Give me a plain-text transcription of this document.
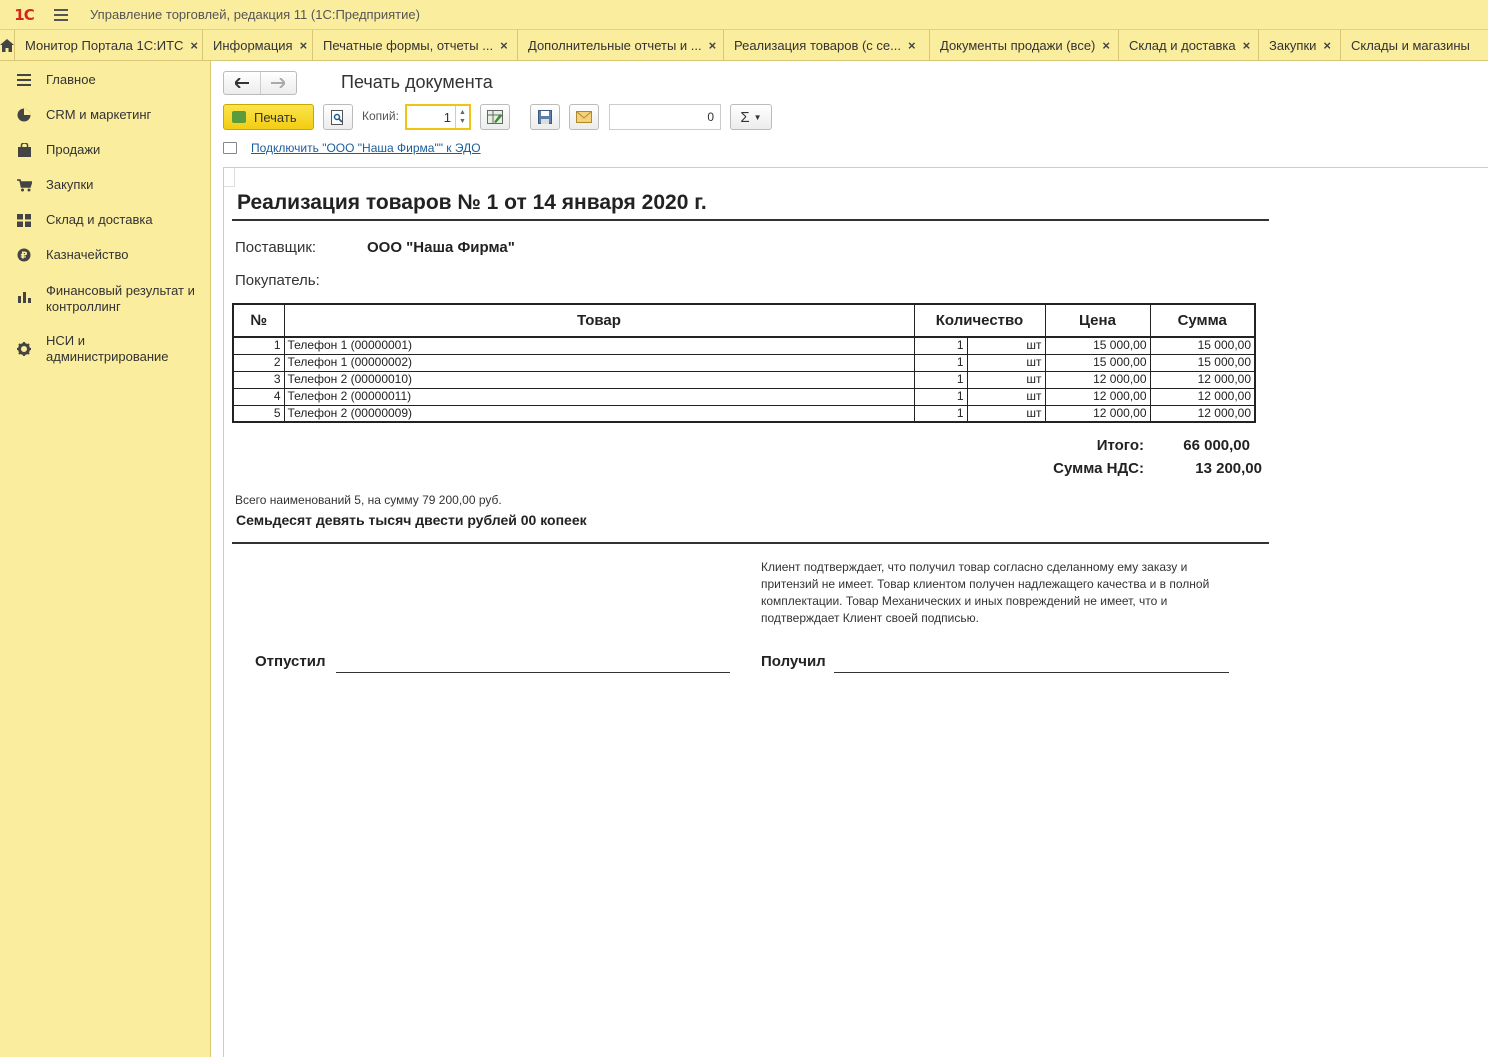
1С	Управление торговлей, редакция 11 (1С:Предприятие)
Монитор Портала 1С:ИТС × Информация × Печатные формы, отчеты ... × Дополнительные отчеты и ... × Реализация товаров (с се... × Документы продажи (все) × Склад и доставка × Закупки × Склады и магазины
Главное
CRM и маркетинг
Продажи
Закупки
Склад и доставка
₽ Казначейство
Финансовый результат и контроллинг
НСИ и администрирование
Печать документа
Печать	Копий:	1	▲
▼	0	Σ ▼
Подключить "ООО "Наша Фирма"" к ЭДО
Реализация товаров № 1 от 14 января 2020 г.
Поставщик:	ООО "Наша Фирма"
Покупатель:
№	Товар	Количество		Цена	Сумма
1	Телефон 1 (00000001)	1	шт	15 000,00	15 000,00
2	Телефон 1 (00000002)	1	шт	15 000,00	15 000,00
3	Телефон 2 (00000010)	1	шт	12 000,00	12 000,00
4	Телефон 2 (00000011)	1	шт	12 000,00	12 000,00
5	Телефон 2 (00000009)	1	шт	12 000,00	12 000,00
Итого:	66 000,00
Сумма НДС:	13 200,00
Всего наименований 5, на сумму 79 200,00 руб.
Семьдесят девять тысяч двести рублей 00 копеек
Клиент подтверждает, что получил товар согласно сделанному ему заказу и притензий не имеет. Товар клиентом получен надлежащего качества и в полной комплектации. Товар Механических и иных повреждений не имеет, что и подтверждает Клиент своей подписью.
Отпустил	Получил
